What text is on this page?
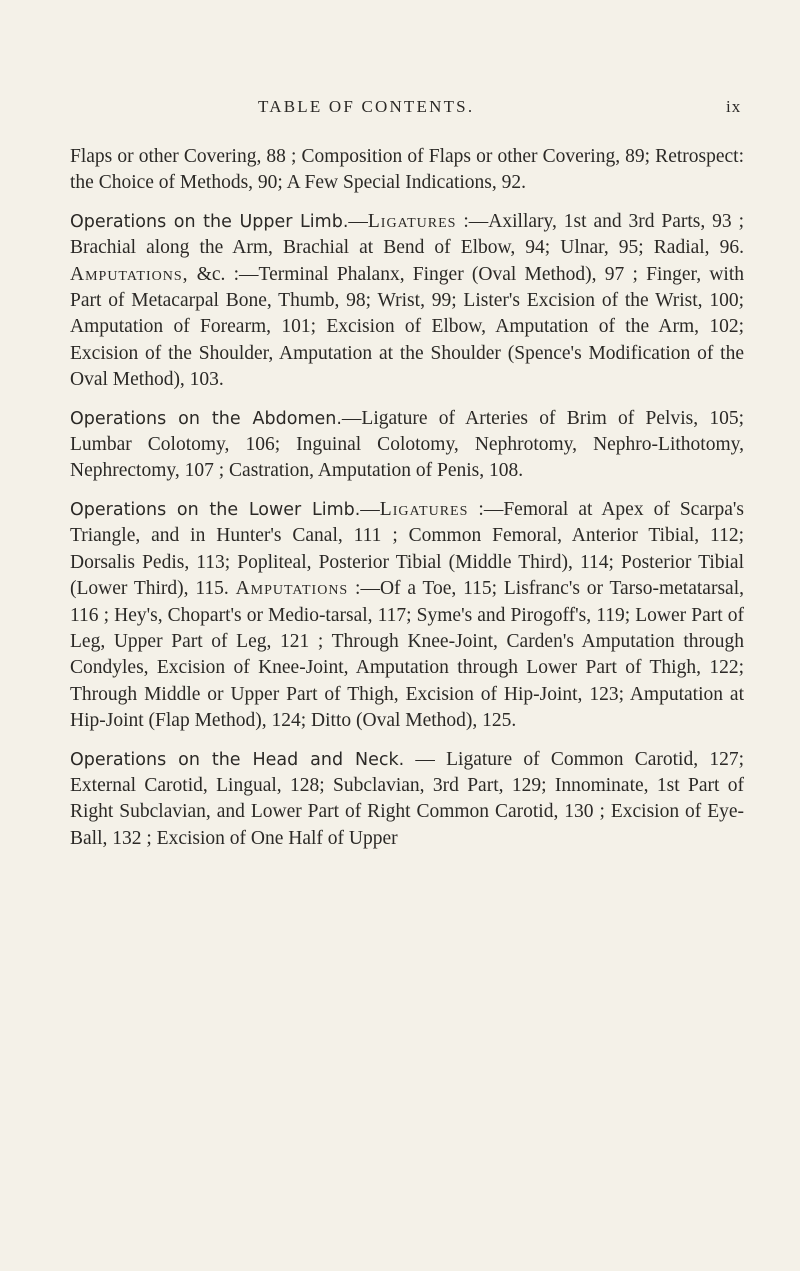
TABLE OF CONTENTS.	ix

Flaps or other Covering, 88 ; Composition of Flaps or other Covering, 89; Retrospect: the Choice of Methods, 90; A Few Special Indications, 92.

Operations on the Upper Limb.—Ligatures :—Axillary, 1st and 3rd Parts, 93 ; Brachial along the Arm, Brachial at Bend of Elbow, 94; Ulnar, 95; Radial, 96. Amputations, &c. :—Terminal Phalanx, Finger (Oval Method), 97 ; Finger, with Part of Metacarpal Bone, Thumb, 98; Wrist, 99; Lister's Excision of the Wrist, 100; Amputation of Forearm, 101; Excision of Elbow, Amputation of the Arm, 102; Excision of the Shoulder, Amputation at the Shoulder (Spence's Modification of the Oval Method), 103.

Operations on the Abdomen.—Ligature of Arteries of Brim of Pelvis, 105; Lumbar Colotomy, 106; Inguinal Colotomy, Nephrotomy, Nephro-Lithotomy, Nephrectomy, 107 ; Castration, Amputation of Penis, 108.

Operations on the Lower Limb.—Ligatures :—Femoral at Apex of Scarpa's Triangle, and in Hunter's Canal, 111 ; Common Femoral, Anterior Tibial, 112; Dorsalis Pedis, 113; Popliteal, Posterior Tibial (Middle Third), 114; Posterior Tibial (Lower Third), 115. Amputations :—Of a Toe, 115; Lisfranc's or Tarso-metatarsal, 116 ; Hey's, Chopart's or Medio-tarsal, 117; Syme's and Pirogoff's, 119; Lower Part of Leg, Upper Part of Leg, 121 ; Through Knee-Joint, Carden's Amputation through Condyles, Excision of Knee-Joint, Amputation through Lower Part of Thigh, 122; Through Middle or Upper Part of Thigh, Excision of Hip-Joint, 123; Amputation at Hip-Joint (Flap Method), 124; Ditto (Oval Method), 125.

Operations on the Head and Neck. — Ligature of Common Carotid, 127; External Carotid, Lingual, 128; Subclavian, 3rd Part, 129; Innominate, 1st Part of Right Subclavian, and Lower Part of Right Common Carotid, 130 ; Excision of Eye-Ball, 132 ; Excision of One Half of Upper
